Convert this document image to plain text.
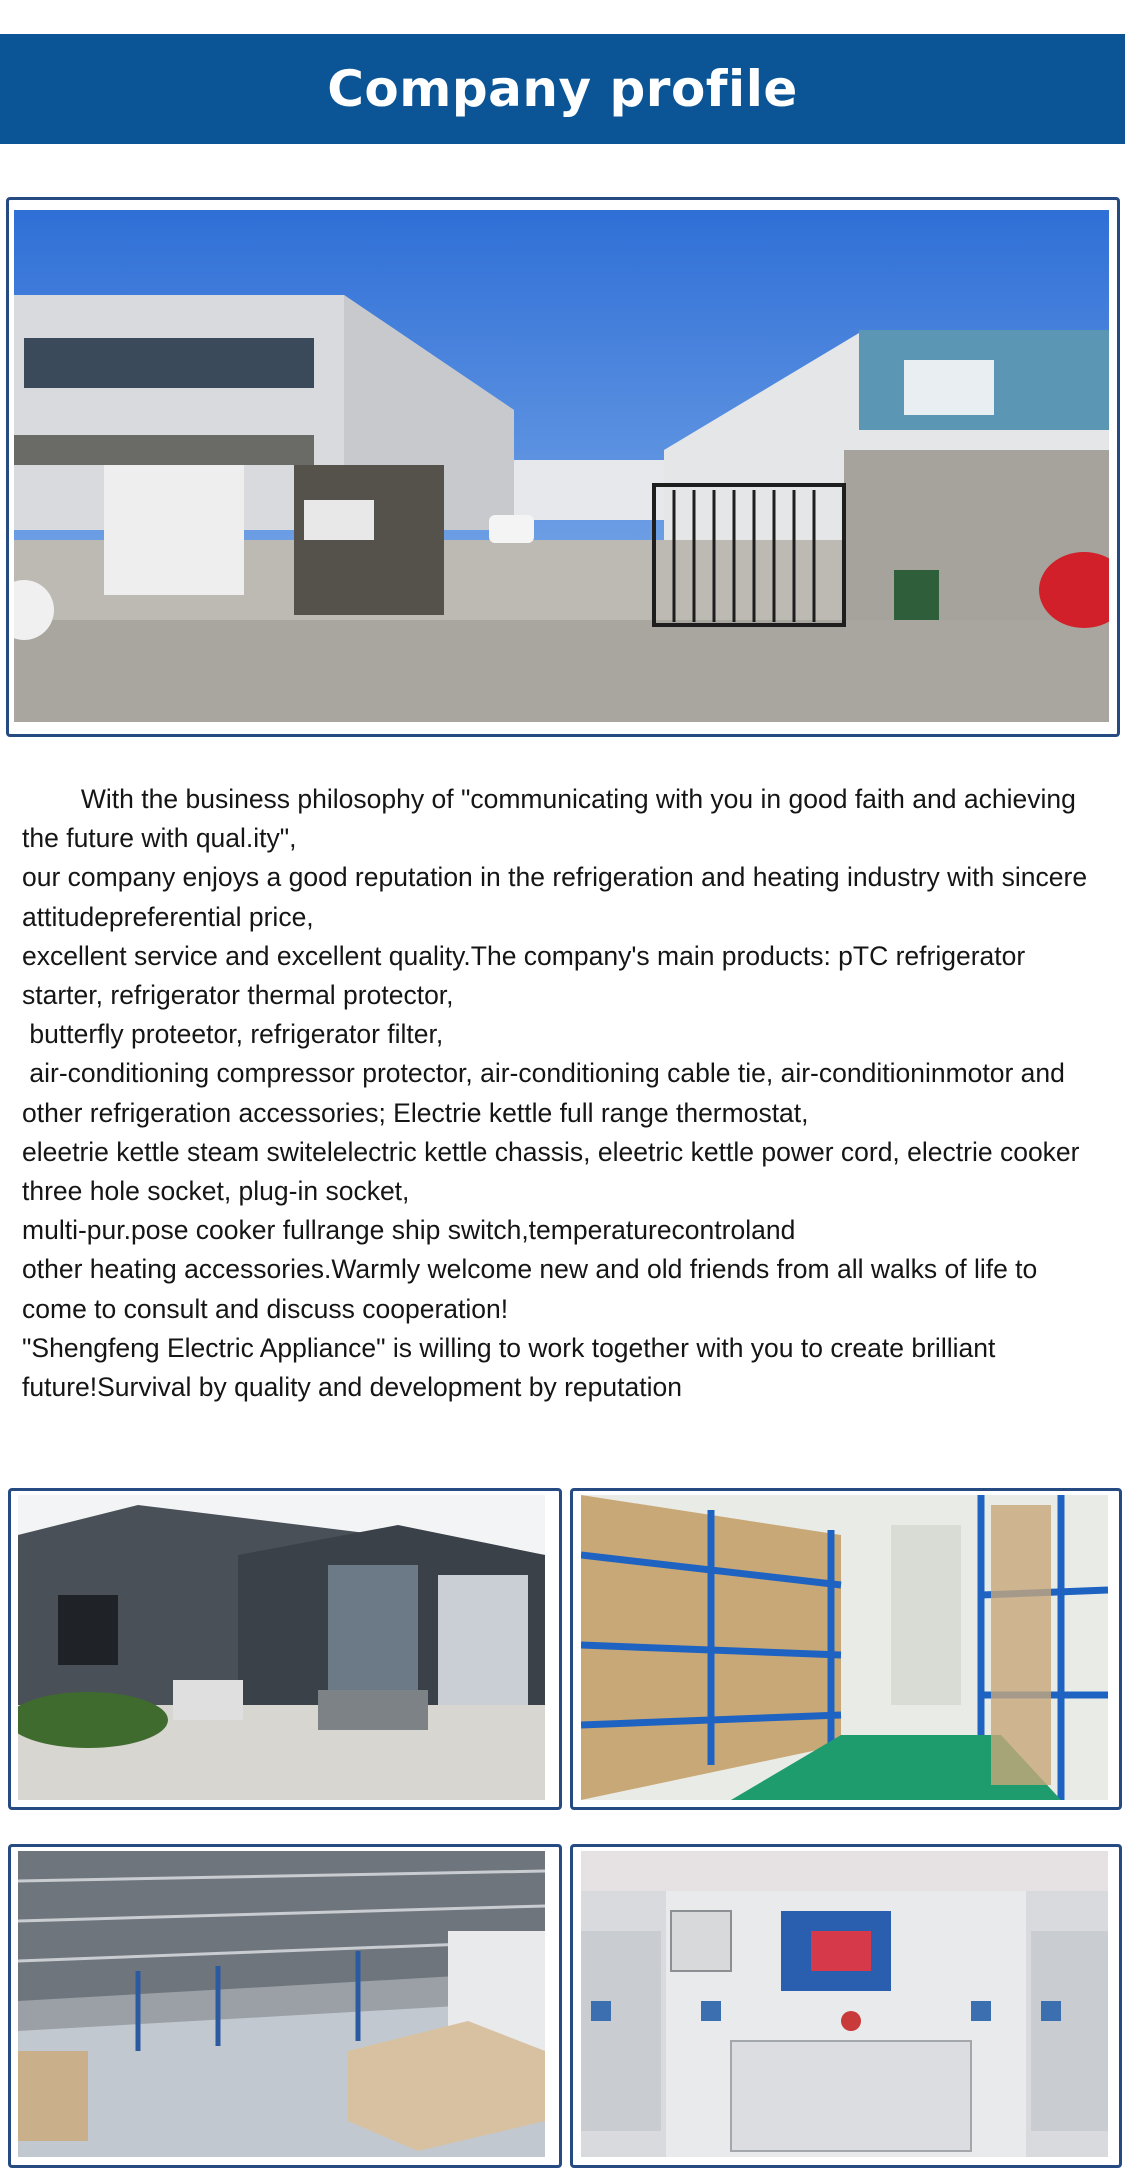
Company profile

With the business philosophy of "communicating with you in good faith and achieving the future with qual.ity",

our company enjoys a good reputation in the refrigeration and heating industry with sincere attitudepreferential price,

excellent service and excellent quality.The company's main products: pTC refrigerator starter, refrigerator thermal protector,

butterfly proteetor, refrigerator filter,

air-conditioning compressor protector, air-conditioning cable tie, air-conditioninmotor and other refrigeration accessories; Electrie kettle full range thermostat,

eleetrie kettle steam switelelectric kettle chassis, eleetric kettle power cord, electrie cooker three hole socket, plug-in socket,

multi-pur.pose cooker fullrange ship switch,temperaturecontroland

other heating accessories.Warmly welcome new and old friends from all walks of life to come to consult and discuss cooperation!

"Shengfeng Electric Appliance" is willing to work together with you to create brilliant future!Survival by quality and development by reputation
